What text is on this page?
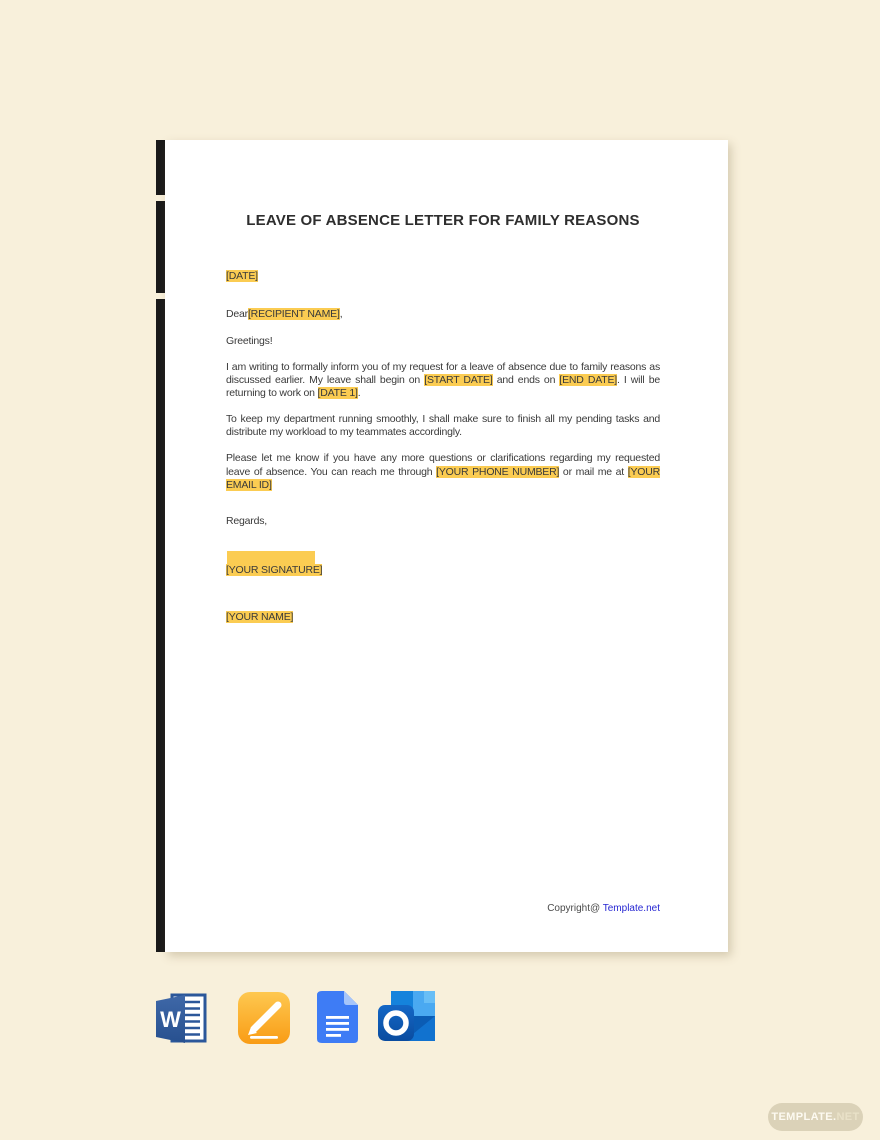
LEAVE OF ABSENCE LETTER FOR FAMILY REASONS

[DATE]

Dear[RECIPIENT NAME],

Greetings!

I am writing to formally inform you of my request for a leave of absence due to family reasons as discussed earlier. My leave shall begin on [START DATE] and ends on [END DATE]. I will be returning to work on [DATE 1].

To keep my department running smoothly, I shall make sure to finish all my pending tasks and distribute my workload to my teammates accordingly.

Please let me know if you have any more questions or clarifications regarding my requested leave of absence. You can reach me through [YOUR PHONE NUMBER] or mail me at [YOUR EMAIL ID]

Regards,

[YOUR SIGNATURE]

[YOUR NAME]

Copyright@ Template.net

W
TEMPLATE. NET
